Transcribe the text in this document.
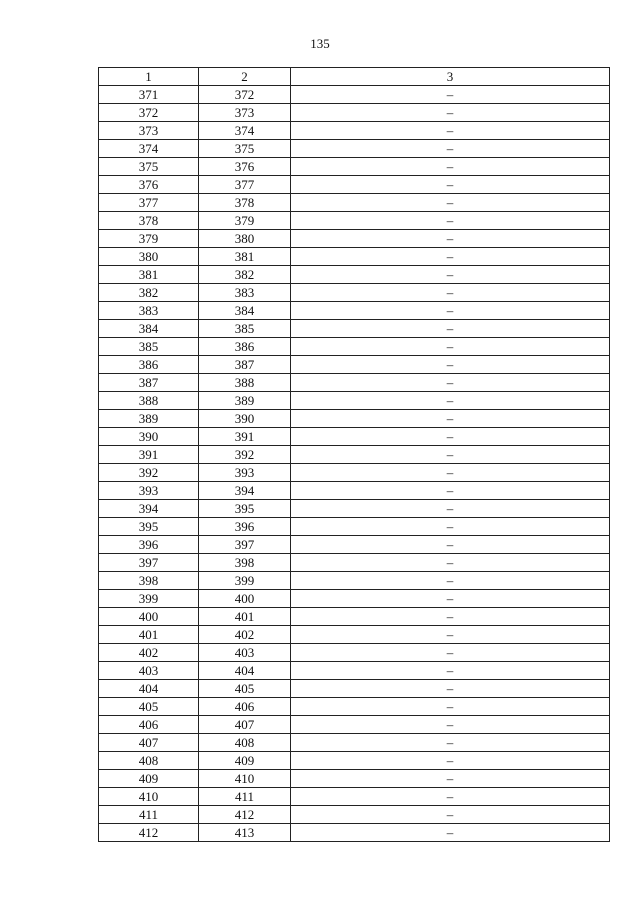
135
1	2	3
371	372	–
372	373	–
373	374	–
374	375	–
375	376	–
376	377	–
377	378	–
378	379	–
379	380	–
380	381	–
381	382	–
382	383	–
383	384	–
384	385	–
385	386	–
386	387	–
387	388	–
388	389	–
389	390	–
390	391	–
391	392	–
392	393	–
393	394	–
394	395	–
395	396	–
396	397	–
397	398	–
398	399	–
399	400	–
400	401	–
401	402	–
402	403	–
403	404	–
404	405	–
405	406	–
406	407	–
407	408	–
408	409	–
409	410	–
410	411	–
411	412	–
412	413	–
